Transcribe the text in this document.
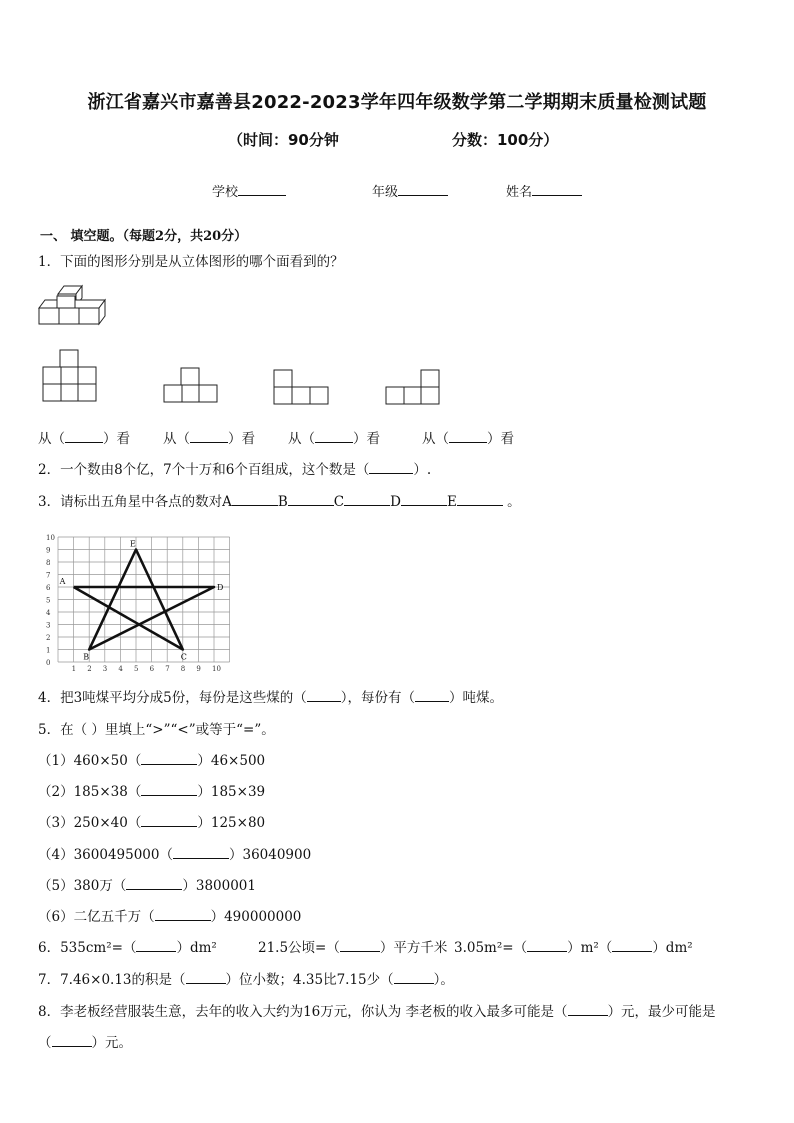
浙江省嘉兴市嘉善县2022-2023学年四年级数学第二学期期末质量检测试题
（时间：90分钟	分数：100分）
学校	年级	姓名
一、 填空题。（每题2分，共20分）
1．下面的图形分别是从立体图形的哪个面看到的？
从（	）看 从（	）看 从（	）看	从（	）看
2．一个数由8个亿，7个十万和6个百组成，这个数是（	）.
3．请标出五角星中各点的数对A	B	C	D	E	。
1 2 3 4 5 6 7 8 9 10
0
1
2
3
4
5
6
7
8
9
10
A
B	C
D
E
4．把3吨煤平均分成5份，每份是这些煤的（	），每份有（	）吨煤。
5．在（ ）里填上“>”“<”或等于“=”。
（1）460×50（	）46×500
（2）185×38（	）185×39
（3）250×40（	）125×80
（4）3600495000（	）36040900
（5）380万（	）3800001
（6）二亿五千万（	）490000000
6．535cm²=（	）dm²	21.5公顷=（	）平方千米 3.05m²=（	）m²（	）dm²
7．7.46×0.13的积是（	）位小数；4.35比7.15少（	）。
8．李老板经营服装生意，去年的收入大约为16万元，你认为 李老板的收入最多可能是（	）元，最少可能是
（	）元。
